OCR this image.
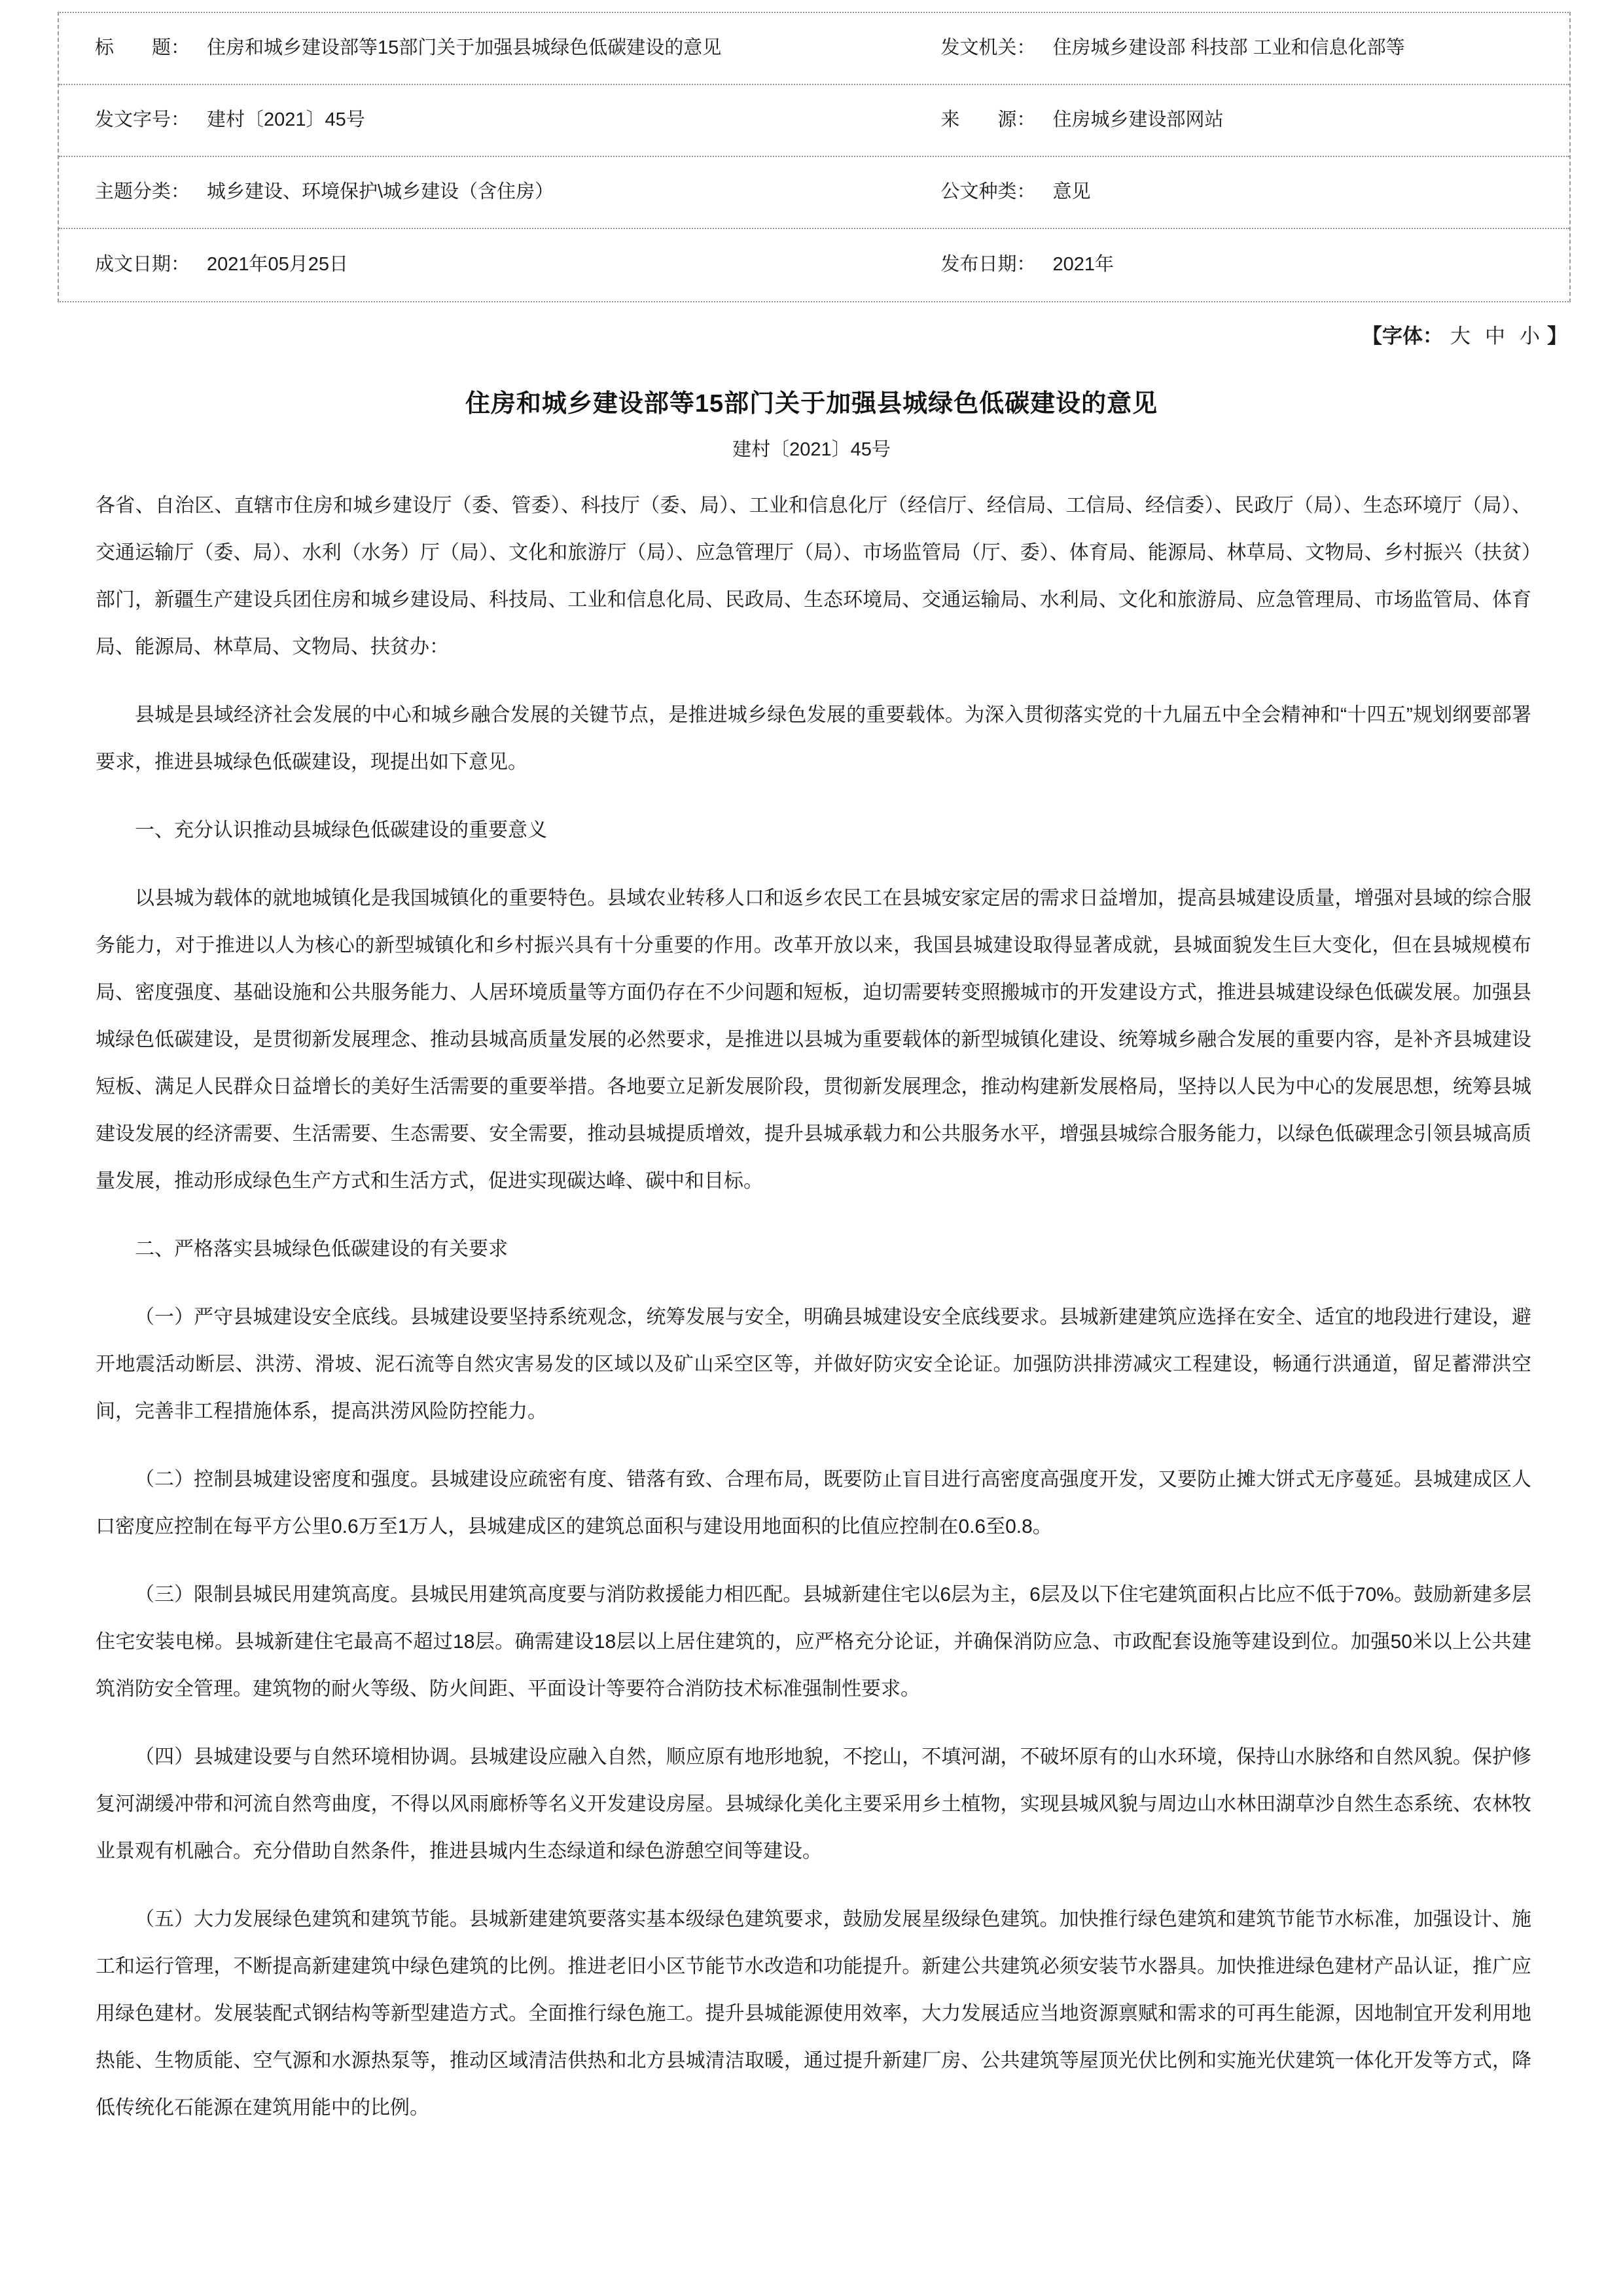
标　　题： 住房和城乡建设部等15部门关于加强县城绿色低碳建设的意见	发文机关： 住房城乡建设部 科技部 工业和信息化部等
发文字号： 建村〔2021〕45号	来　　源： 住房城乡建设部网站
主题分类： 城乡建设、环境保护\城乡建设（含住房）	公文种类： 意见
成文日期： 2021年05月25日	发布日期： 2021年
【字体： 大 中 小 】
住房和城乡建设部等15部门关于加强县城绿色低碳建设的意见
建村〔2021〕45号

各省、自治区、直辖市住房和城乡建设厅（委、管委）、科技厅（委、局）、工业和信息化厅（经信厅、经信局、工信局、经信委）、民政厅（局）、生态环境厅（局）、交通运输厅（委、局）、水利（水务）厅（局）、文化和旅游厅（局）、应急管理厅（局）、市场监管局（厅、委）、体育局、能源局、林草局、文物局、乡村振兴（扶贫）部门，新疆生产建设兵团住房和城乡建设局、科技局、工业和信息化局、民政局、生态环境局、交通运输局、水利局、文化和旅游局、应急管理局、市场监管局、体育局、能源局、林草局、文物局、扶贫办：

县城是县域经济社会发展的中心和城乡融合发展的关键节点，是推进城乡绿色发展的重要载体。为深入贯彻落实党的十九届五中全会精神和“十四五”规划纲要部署要求，推进县城绿色低碳建设，现提出如下意见。

一、充分认识推动县城绿色低碳建设的重要意义

以县城为载体的就地城镇化是我国城镇化的重要特色。县域农业转移人口和返乡农民工在县城安家定居的需求日益增加，提高县城建设质量，增强对县域的综合服务能力，对于推进以人为核心的新型城镇化和乡村振兴具有十分重要的作用。改革开放以来，我国县城建设取得显著成就，县城面貌发生巨大变化，但在县城规模布局、密度强度、基础设施和公共服务能力、人居环境质量等方面仍存在不少问题和短板，迫切需要转变照搬城市的开发建设方式，推进县城建设绿色低碳发展。加强县城绿色低碳建设，是贯彻新发展理念、推动县城高质量发展的必然要求，是推进以县城为重要载体的新型城镇化建设、统筹城乡融合发展的重要内容，是补齐县城建设短板、满足人民群众日益增长的美好生活需要的重要举措。各地要立足新发展阶段，贯彻新发展理念，推动构建新发展格局，坚持以人民为中心的发展思想，统筹县城建设发展的经济需要、生活需要、生态需要、安全需要，推动县城提质增效，提升县城承载力和公共服务水平，增强县城综合服务能力，以绿色低碳理念引领县城高质量发展，推动形成绿色生产方式和生活方式，促进实现碳达峰、碳中和目标。

二、严格落实县城绿色低碳建设的有关要求

（一）严守县城建设安全底线。县城建设要坚持系统观念，统筹发展与安全，明确县城建设安全底线要求。县城新建建筑应选择在安全、适宜的地段进行建设，避开地震活动断层、洪涝、滑坡、泥石流等自然灾害易发的区域以及矿山采空区等，并做好防灾安全论证。加强防洪排涝减灾工程建设，畅通行洪通道，留足蓄滞洪空间，完善非工程措施体系，提高洪涝风险防控能力。

（二）控制县城建设密度和强度。县城建设应疏密有度、错落有致、合理布局，既要防止盲目进行高密度高强度开发，又要防止摊大饼式无序蔓延。县城建成区人口密度应控制在每平方公里0.6万至1万人，县城建成区的建筑总面积与建设用地面积的比值应控制在0.6至0.8。

（三）限制县城民用建筑高度。县城民用建筑高度要与消防救援能力相匹配。县城新建住宅以6层为主，6层及以下住宅建筑面积占比应不低于70%。鼓励新建多层住宅安装电梯。县城新建住宅最高不超过18层。确需建设18层以上居住建筑的，应严格充分论证，并确保消防应急、市政配套设施等建设到位。加强50米以上公共建筑消防安全管理。建筑物的耐火等级、防火间距、平面设计等要符合消防技术标准强制性要求。

（四）县城建设要与自然环境相协调。县城建设应融入自然，顺应原有地形地貌，不挖山，不填河湖，不破坏原有的山水环境，保持山水脉络和自然风貌。保护修复河湖缓冲带和河流自然弯曲度，不得以风雨廊桥等名义开发建设房屋。县城绿化美化主要采用乡土植物，实现县城风貌与周边山水林田湖草沙自然生态系统、农林牧业景观有机融合。充分借助自然条件，推进县城内生态绿道和绿色游憩空间等建设。

（五）大力发展绿色建筑和建筑节能。县城新建建筑要落实基本级绿色建筑要求，鼓励发展星级绿色建筑。加快推行绿色建筑和建筑节能节水标准，加强设计、施工和运行管理，不断提高新建建筑中绿色建筑的比例。推进老旧小区节能节水改造和功能提升。新建公共建筑必须安装节水器具。加快推进绿色建材产品认证，推广应用绿色建材。发展装配式钢结构等新型建造方式。全面推行绿色施工。提升县城能源使用效率，大力发展适应当地资源禀赋和需求的可再生能源，因地制宜开发利用地热能、生物质能、空气源和水源热泵等，推动区域清洁供热和北方县城清洁取暖，通过提升新建厂房、公共建筑等屋顶光伏比例和实施光伏建筑一体化开发等方式，降低传统化石能源在建筑用能中的比例。
